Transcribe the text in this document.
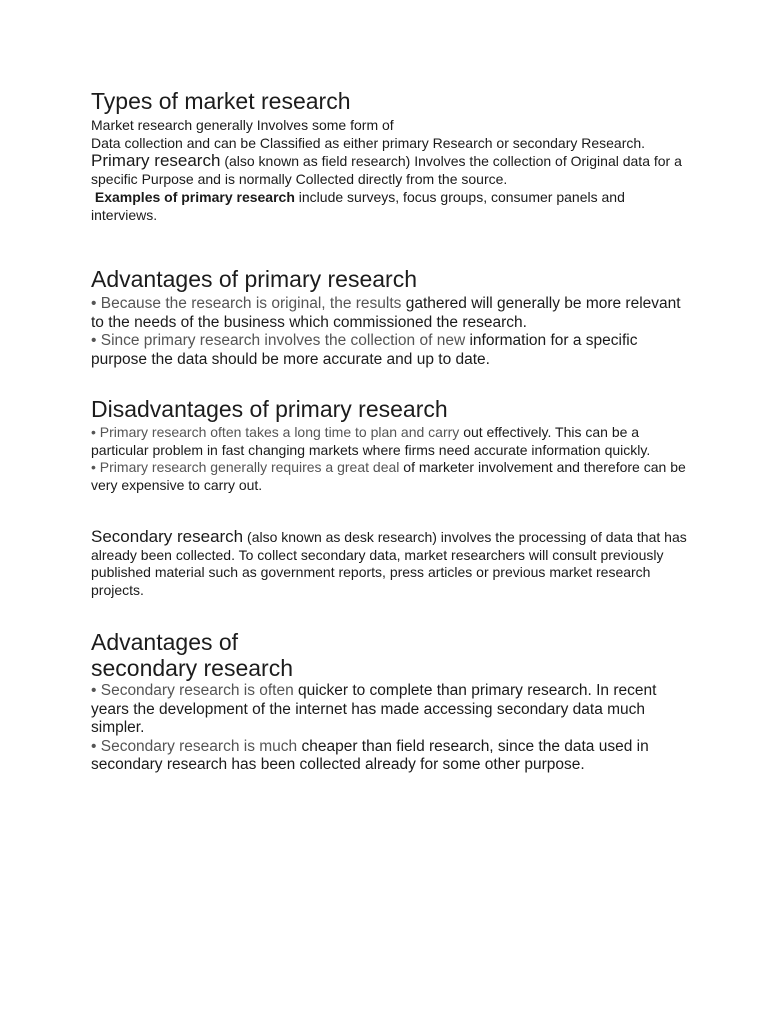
Types of market research

Market research generally Involves some form of
Data collection and can be Classified as either primary Research or secondary Research.

Primary research (also known as field research) Involves the collection of Original data for a specific Purpose and is normally Collected directly from the source.

Examples of primary research include surveys, focus groups, consumer panels and interviews.

Advantages of primary research

• Because the research is original, the results gathered will generally be more relevant to the needs of the business which commissioned the research.

• Since primary research involves the collection of new information for a specific purpose the data should be more accurate and up to date.

Disadvantages of primary research

• Primary research often takes a long time to plan and carry out effectively. This can be a particular problem in fast changing markets where firms need accurate information quickly.

• Primary research generally requires a great deal of marketer involvement and therefore can be very expensive to carry out.

Secondary research (also known as desk research) involves the processing of data that has already been collected. To collect secondary data, market researchers will consult previously published material such as government reports, press articles or previous market research projects.

Advantages of
secondary research

• Secondary research is often quicker to complete than primary research. In recent years the development of the internet has made accessing secondary data much simpler.

• Secondary research is much cheaper than field research, since the data used in secondary research has been collected already for some other purpose.
